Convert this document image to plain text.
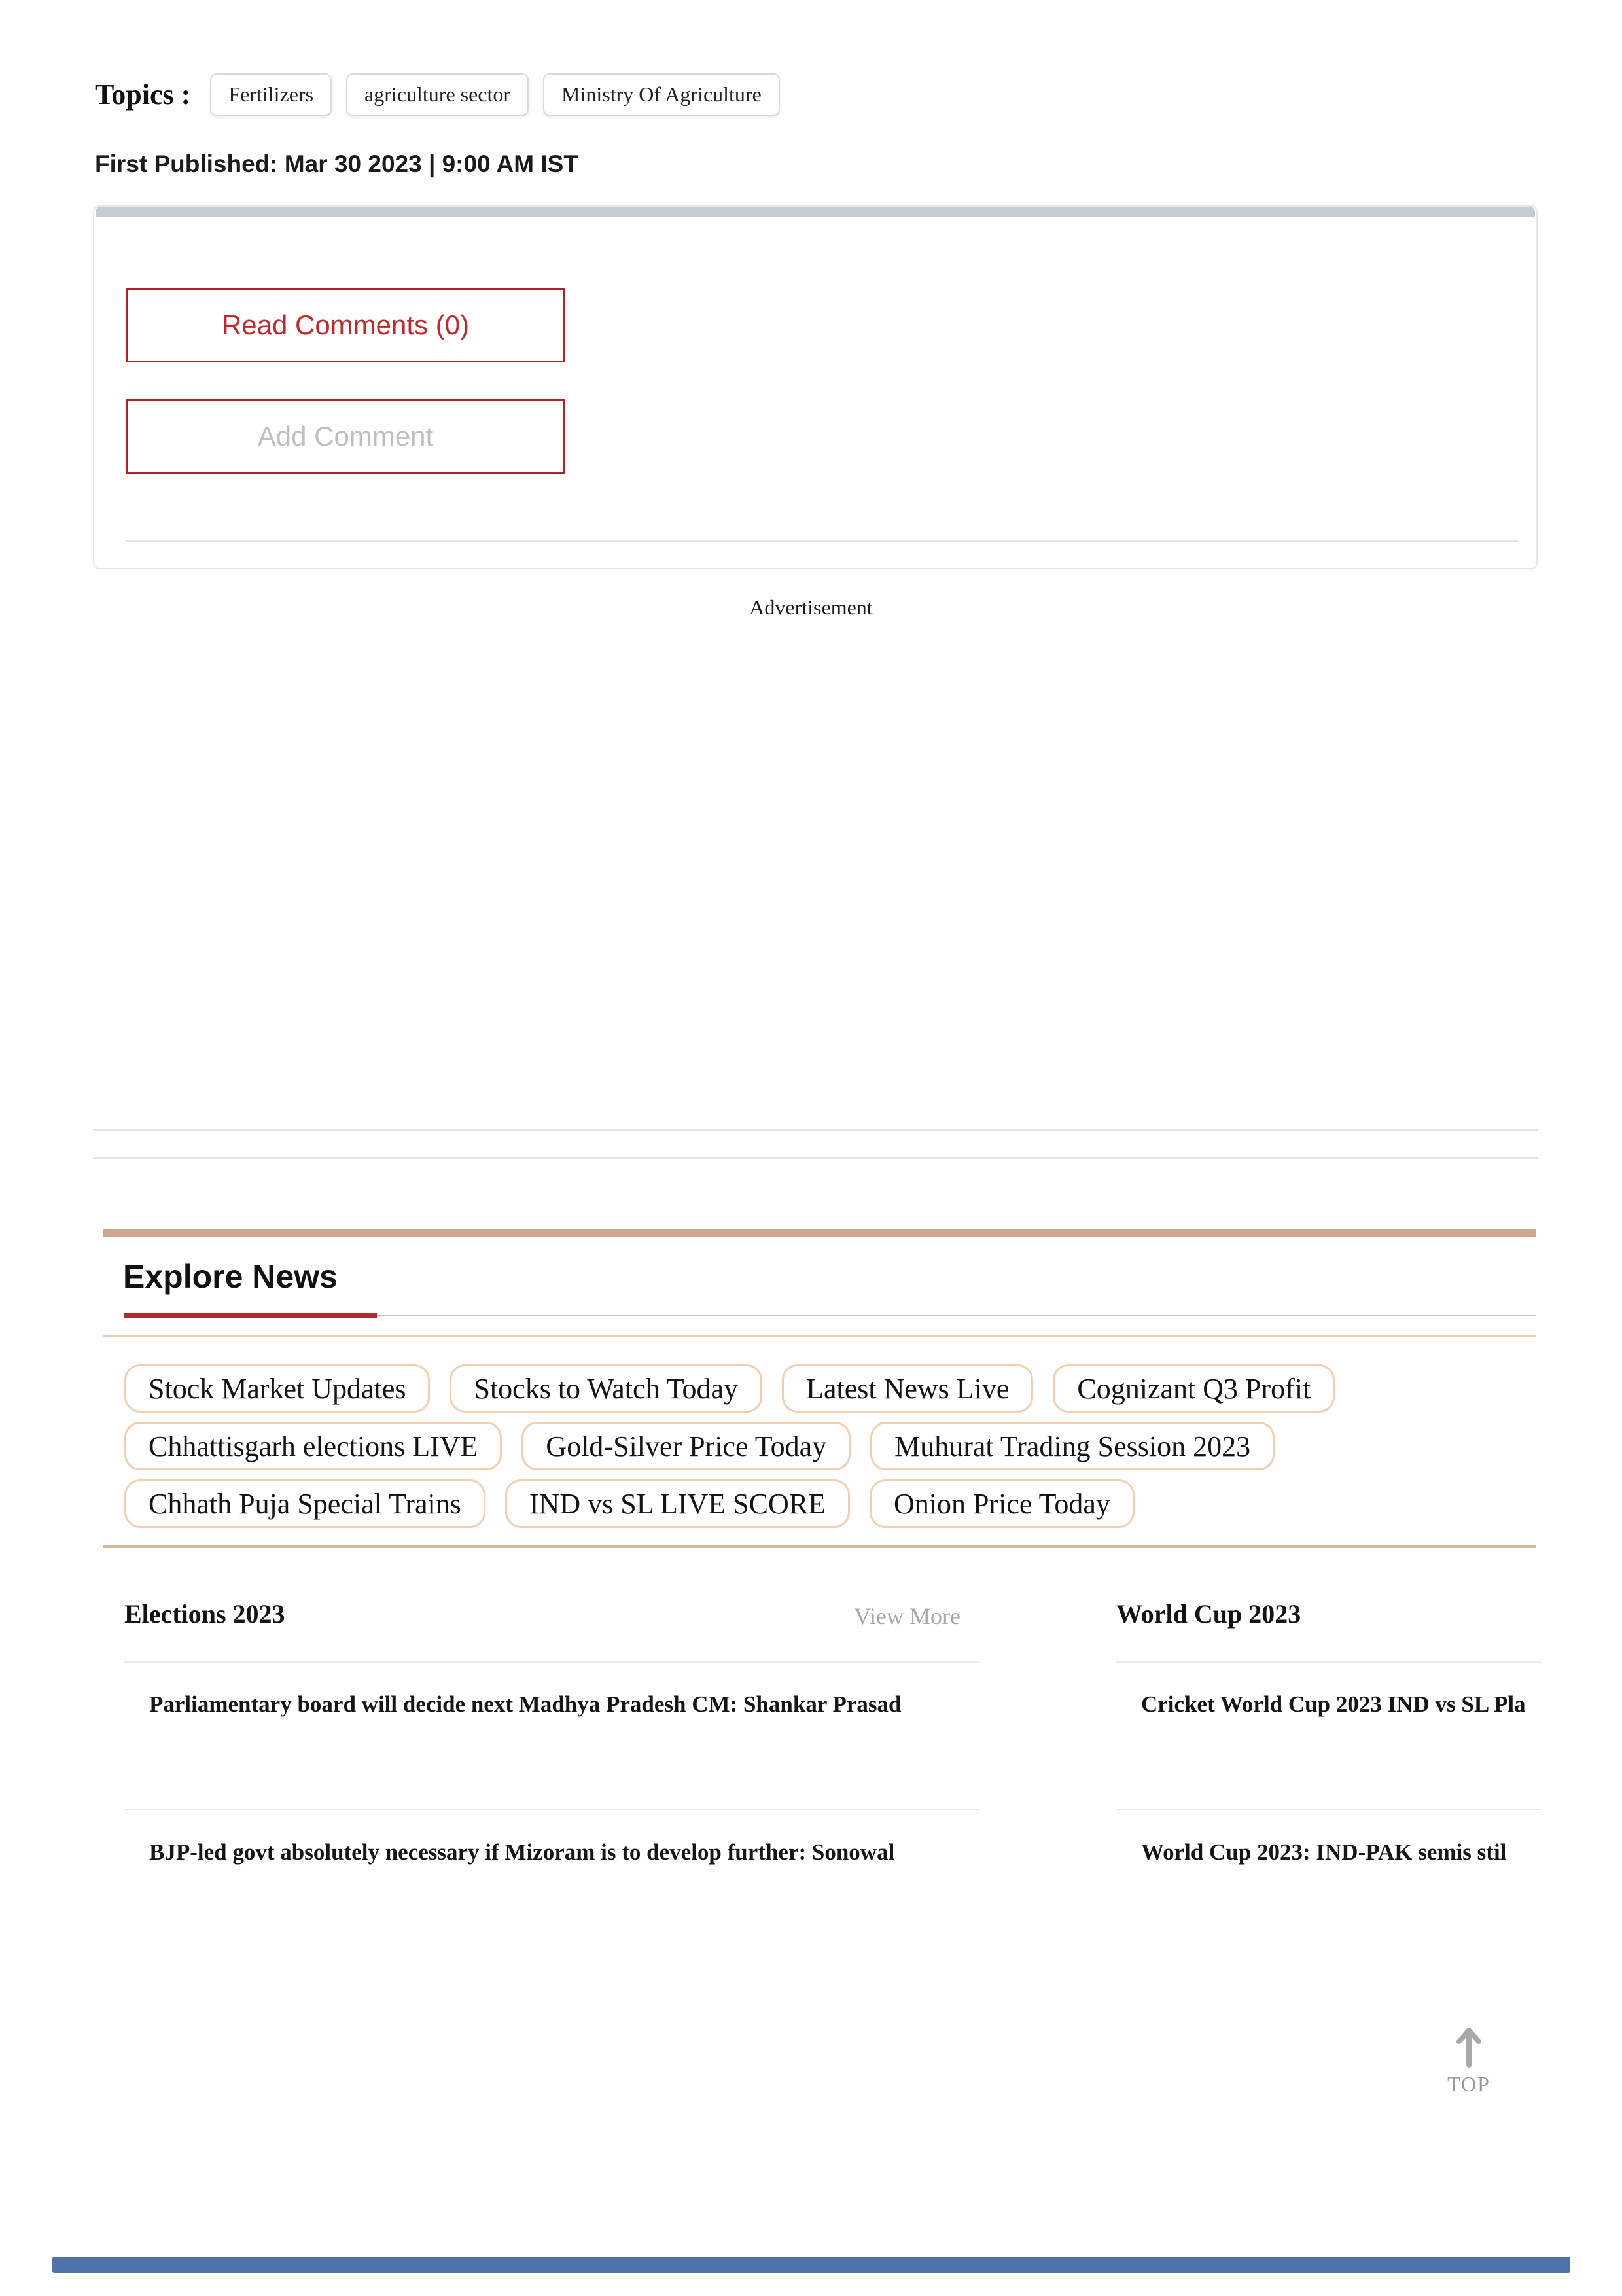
Topics :	Fertilizers	agriculture sector	Ministry Of Agriculture
First Published: Mar 30 2023 | 9:00 AM IST
Read Comments (0)
Add Comment
Advertisement
Explore News
Stock Market Updates	Stocks to Watch Today	Latest News Live	Cognizant Q3 Profit
Chhattisgarh elections LIVE	Gold-Silver Price Today	Muhurat Trading Session 2023
Chhath Puja Special Trains	IND vs SL LIVE SCORE	Onion Price Today
Elections 2023	View More
Parliamentary board will decide next Madhya Pradesh CM: Shankar Prasad
BJP-led govt absolutely necessary if Mizoram is to develop further: Sonowal
World Cup 2023
Cricket World Cup 2023 IND vs SL Pla
World Cup 2023: IND-PAK semis stil
TOP
